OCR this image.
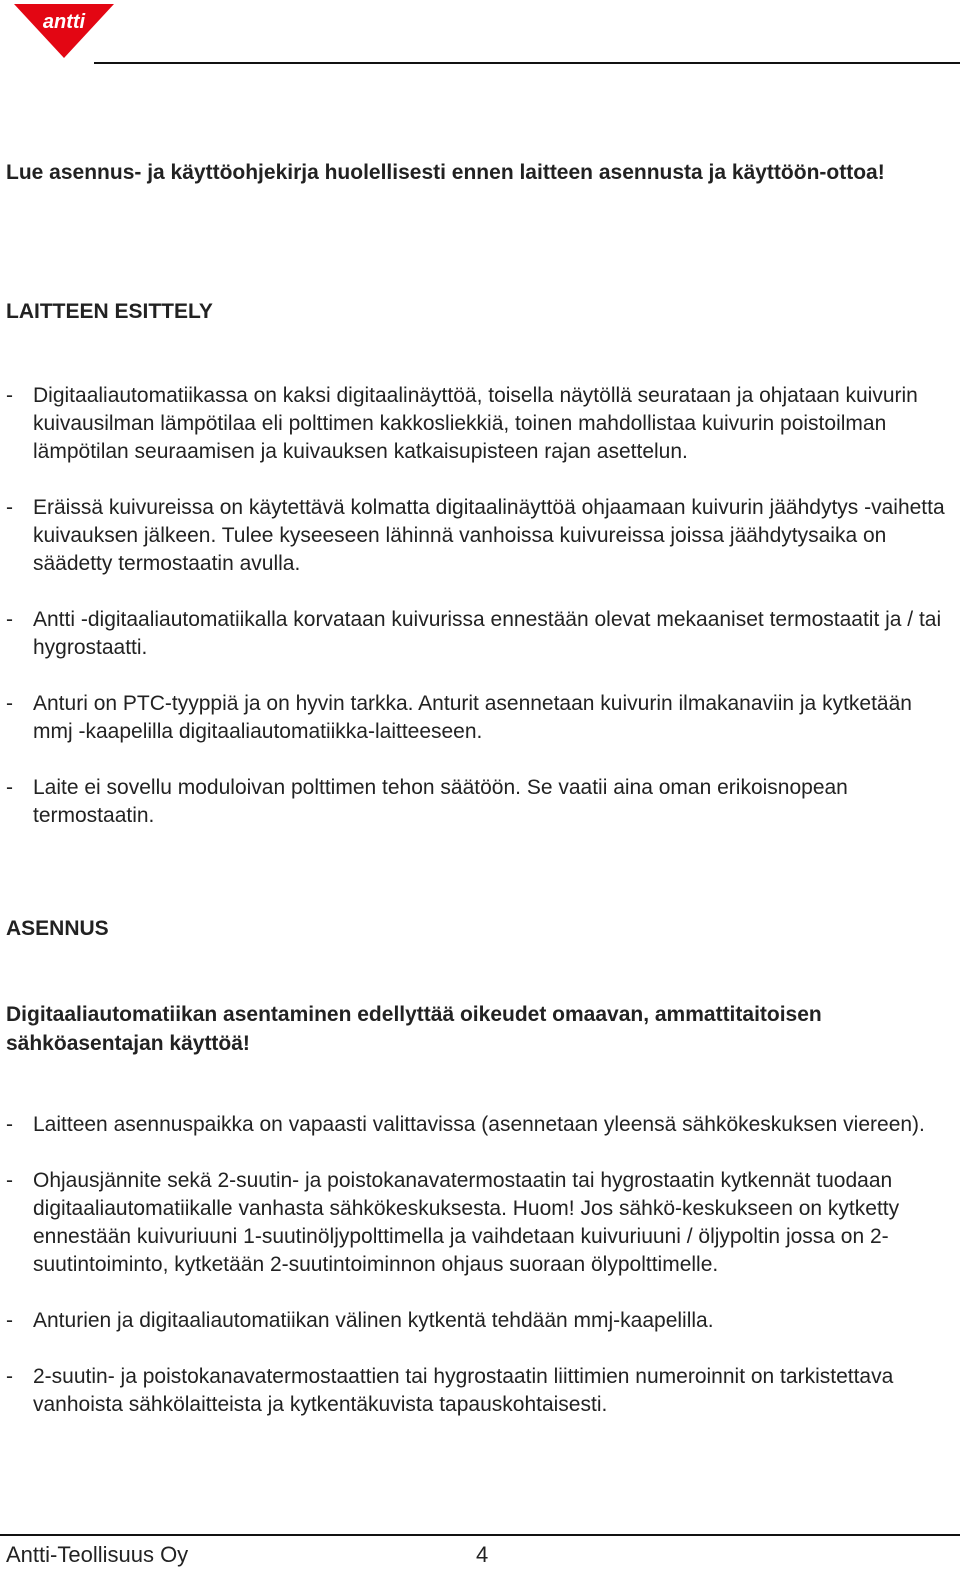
antti

Lue asennus- ja käyttöohjekirja huolellisesti ennen laitteen asennusta ja käyttöön-ottoa!

LAITTEEN ESITTELY
- Digitaaliautomatiikassa on kaksi digitaalinäyttöä, toisella näytöllä seurataan ja ohjataan kuivurin kuivausilman lämpötilaa eli polttimen kakkosliekkiä, toinen mahdollistaa kuivurin poistoilman lämpötilan seuraamisen ja kuivauksen katkaisupisteen rajan asettelun.
- Eräissä kuivureissa on käytettävä kolmatta digitaalinäyttöä ohjaamaan kuivurin jäähdytys -vaihetta kuivauksen jälkeen. Tulee kyseeseen lähinnä vanhoissa kuivureissa joissa jäähdytysaika on säädetty termostaatin avulla.
- Antti -digitaaliautomatiikalla korvataan kuivurissa ennestään olevat mekaaniset termostaatit ja / tai hygrostaatti.
- Anturi on PTC-tyyppiä ja on hyvin tarkka. Anturit asennetaan kuivurin ilmakanaviin ja kytketään mmj -kaapelilla digitaaliautomatiikka-laitteeseen.
- Laite ei sovellu moduloivan polttimen tehon säätöön. Se vaatii aina oman erikoisnopean termostaatin.
ASENNUS

Digitaaliautomatiikan asentaminen edellyttää oikeudet omaavan, ammattitaitoisen sähköasentajan käyttöä!

- Laitteen asennuspaikka on vapaasti valittavissa (asennetaan yleensä sähkökeskuksen viereen).
- Ohjausjännite sekä 2-suutin- ja poistokanavatermostaatin tai hygrostaatin kytkennät tuodaan digitaaliautomatiikalle vanhasta sähkökeskuksesta. Huom! Jos sähkö-keskukseen on kytketty ennestään kuivuriuuni 1-suutinöljypolttimella ja vaihdetaan kuivuriuuni / öljypoltin jossa on 2-suutintoiminto, kytketään 2-suutintoiminnon ohjaus suoraan ölypolttimelle.
- Anturien ja digitaaliautomatiikan välinen kytkentä tehdään mmj-kaapelilla.
- 2-suutin- ja poistokanavatermostaattien tai hygrostaatin liittimien numeroinnit on tarkistettava vanhoista sähkölaitteista ja kytkentäkuvista tapauskohtaisesti.
Antti-Teollisuus Oy	4
